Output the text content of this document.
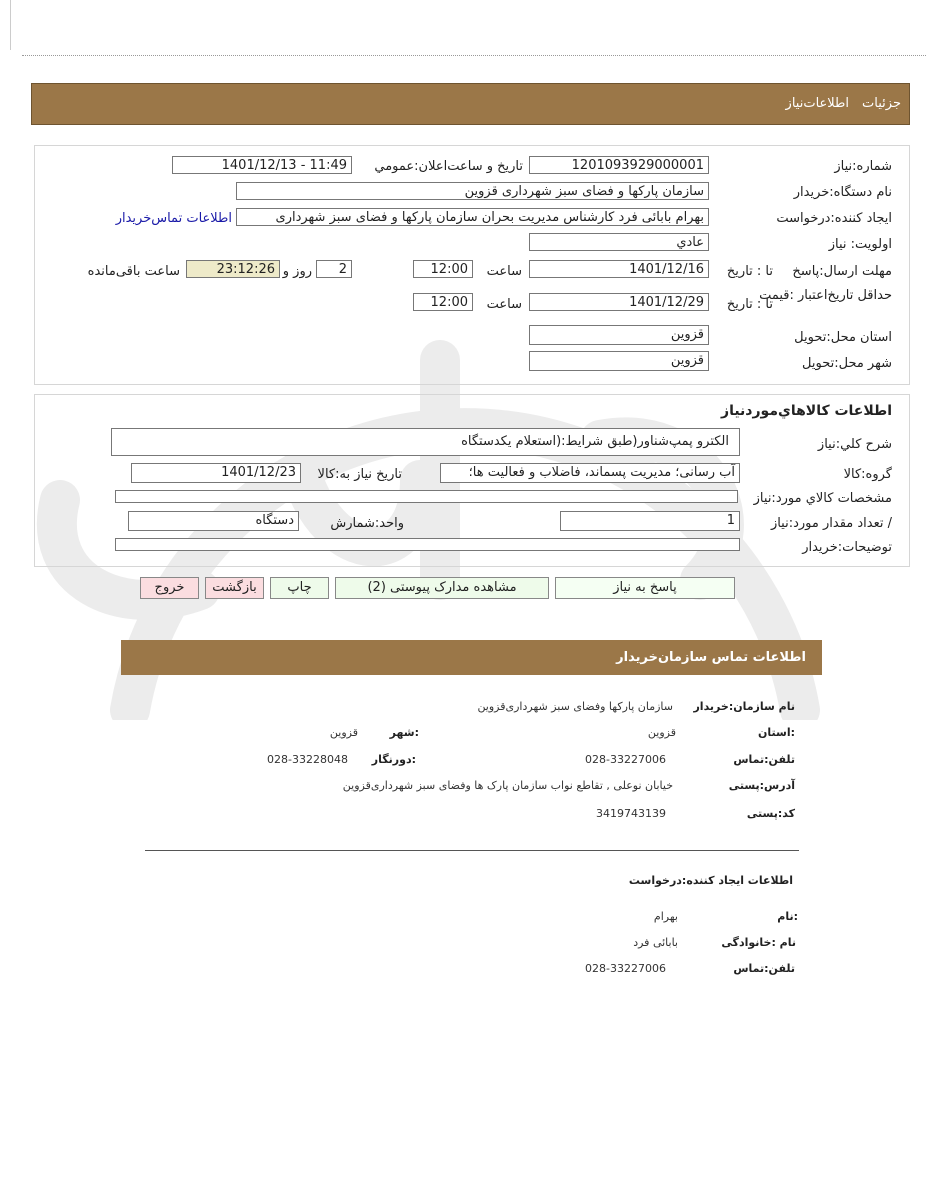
جزئیات
اطلاعات‌نیاز
شماره‌:نیاز
1201093929000001
تاریخ و ساعت‌اعلان‌:عمومي
1401/12/13 - 11:49
نام دستگاه‌:خریدار
سازمان پارکها و فضای سبز شهرداری قزوین
ایجاد کننده‌:درخواست
بهرام بابائی فرد کارشناس مدیریت بحران سازمان پارکها و فضای سبز شهرداری
اطلاعات تماس‌خریدار
اولویت: نیاز
عادي
مهلت ارسال‌:پاسخ
تا : تاریخ
1401/12/16
ساعت
12:00
2
روز و
23:12:26
ساعت باقی‌مانده
حداقل تاریخ‌اعتبار :قیمت
تا : تاریخ
1401/12/29
ساعت
12:00
استان محل‌:تحویل
قزوین
شهر محل‌:تحویل
قزوین
اطلاعات کالاهاي‌موردنیاز
شرح کلي‌:نیاز
الکترو پمپ‌شناور(طبق شرایط:(استعلام یکدستگاه
گروه‌:کالا
آب رسانی؛ مدیریت پسماند، فاضلاب و فعالیت ها؛
تاریخ نیاز به‌:کالا
1401/12/23
مشخصات کالاي مورد‌:نیاز
/ تعداد مقدار مورد‌:نیاز
1
واحد‌:شمارش
دستگاه
توضیحات‌:خریدار
پاسخ به نیاز
مشاهده مدارک پیوستی (2)
چاپ
بازگشت
خروج
اطلاعات تماس سازمان‌خریدار
نام سازمان‌:خریدار
سازمان پارکها وفضای سبز شهرداری‌قزوین
:استان
قزوین
:شهر
قزوین
تلفن‌:تماس
028-33227006
:دورنگار
028-33228048
آدرس‌:پستی
خیابان نوعلی , تقاطع نواب سازمان پارک ها وفضای سبز شهرداری‌قزوین
کد‌:پستی
3419743139
اطلاعات ایجاد کننده‌:درخواست
:نام
بهرام
نام :خانوادگی
بابائی فرد
تلفن‌:تماس
028-33227006
